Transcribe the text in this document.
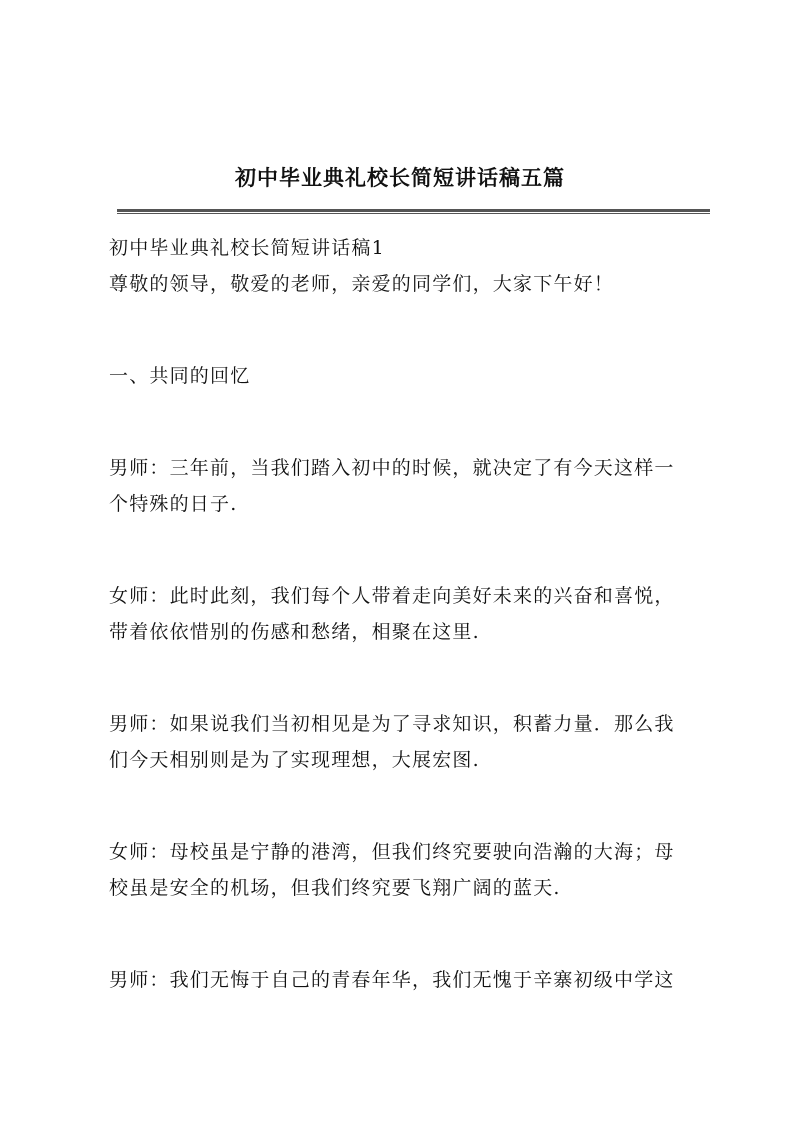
初中毕业典礼校长简短讲话稿五篇

初中毕业典礼校长简短讲话稿1

尊敬的领导，敬爱的老师，亲爱的同学们，大家下午好！

一、共同的回忆

男师：三年前，当我们踏入初中的时候，就决定了有今天这样一

个特殊的日子.

女师：此时此刻，我们每个人带着走向美好未来的兴奋和喜悦，

带着依依惜别的伤感和愁绪，相聚在这里.

男师：如果说我们当初相见是为了寻求知识，积蓄力量．那么我

们今天相别则是为了实现理想，大展宏图.

女师：母校虽是宁静的港湾，但我们终究要驶向浩瀚的大海；母

校虽是安全的机场，但我们终究要飞翔广阔的蓝天.

男师：我们无悔于自己的青春年华，我们无愧于辛寨初级中学这
